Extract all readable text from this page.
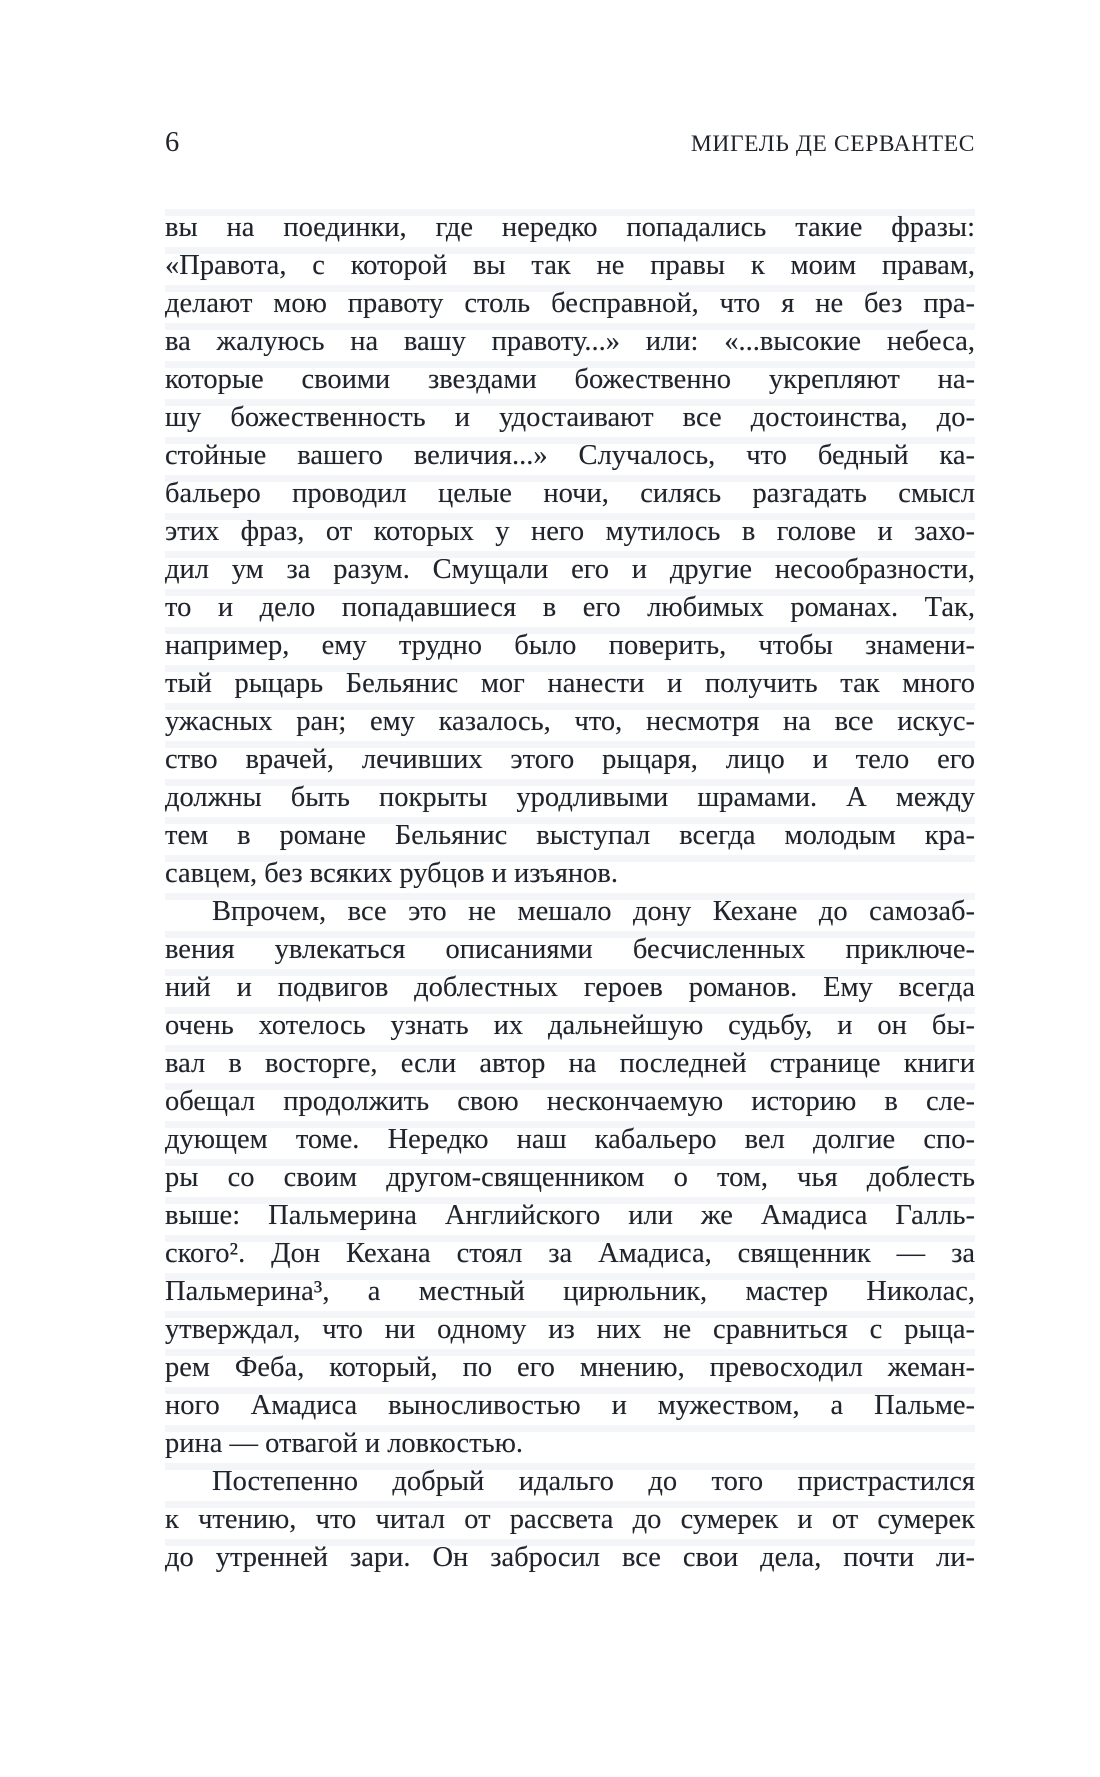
6	МИГЕЛЬ ДЕ СЕРВАНТЕС
вы на поединки, где нередко попадались такие фразы:
«Правота, с которой вы так не правы к моим правам,
делают мою правоту столь бесправной, что я не без пра-
ва жалуюсь на вашу правоту...» или: «...высокие небеса,
которые своими звездами божественно укрепляют на-
шу божественность и удостаивают все достоинства, до-
стойные вашего величия...» Случалось, что бедный ка-
бальеро проводил целые ночи, силясь разгадать смысл
этих фраз, от которых у него мутилось в голове и захо-
дил ум за разум. Смущали его и другие несообразности,
то и дело попадавшиеся в его любимых романах. Так,
например, ему трудно было поверить, чтобы знамени-
тый рыцарь Бельянис мог нанести и получить так много
ужасных ран; ему казалось, что, несмотря на все искус-
ство врачей, лечивших этого рыцаря, лицо и тело его
должны быть покрыты уродливыми шрамами. А между
тем в романе Бельянис выступал всегда молодым кра-
савцем, без всяких рубцов и изъянов.
Впрочем, все это не мешало дону Кехане до самозаб-
вения увлекаться описаниями бесчисленных приключе-
ний и подвигов доблестных героев романов. Ему всегда
очень хотелось узнать их дальнейшую судьбу, и он бы-
вал в восторге, если автор на последней странице книги
обещал продолжить свою нескончаемую историю в сле-
дующем томе. Нередко наш кабальеро вел долгие спо-
ры со своим другом-священником о том, чья доблесть
выше: Пальмерина Английского или же Амадиса Галль-
ского². Дон Кехана стоял за Амадиса, священник — за
Пальмерина³, а местный цирюльник, мастер Николас,
утверждал, что ни одному из них не сравниться с рыца-
рем Феба, который, по его мнению, превосходил жеман-
ного Амадиса выносливостью и мужеством, а Пальме-
рина — отвагой и ловкостью.
Постепенно добрый идальго до того пристрастился
к чтению, что читал от рассвета до сумерек и от сумерек
до утренней зари. Он забросил все свои дела, почти ли-
